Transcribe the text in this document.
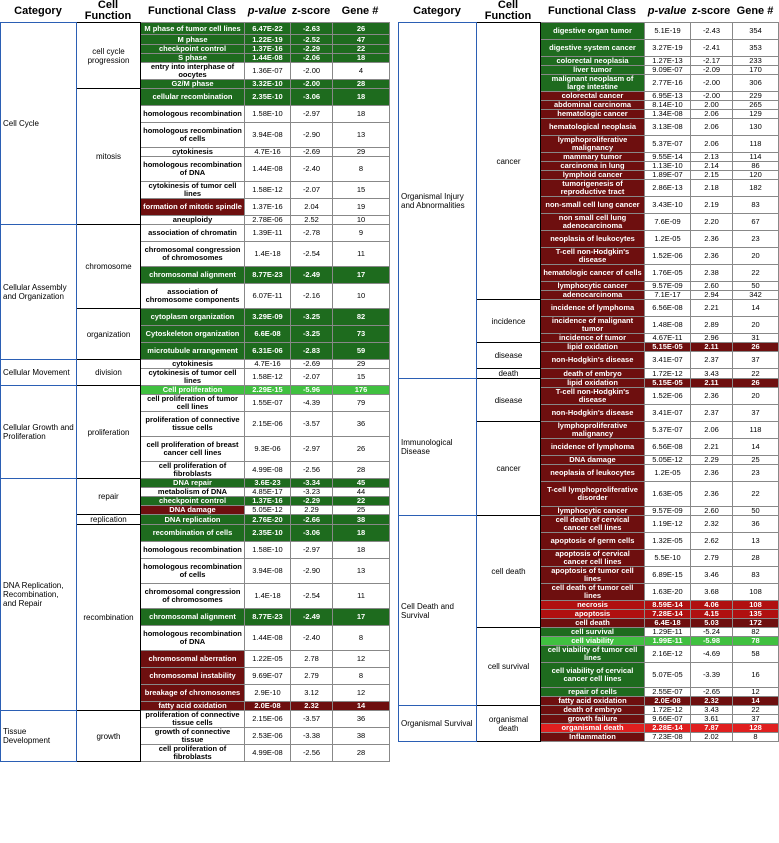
Category	Cell Function	Functional Class	p-value z-score	Gene #
Cell Cycle	cell cycle progression	M phase of tumor cell lines	6.47E-22	-2.63	26
		M phase	1.22E-19	-2.52	47
		checkpoint control	1.37E-16	-2.29	22
		S phase	1.44E-08	-2.06	18
		entry into interphase of oocytes	1.36E-07	-2.00	4
		G2/M phase	3.32E-10	-2.00	28
	mitosis	cellular recombination	2.35E-10	-3.06	18
		homologous recombination	1.58E-10	-2.97	18
		homologous recombination of cells	3.94E-08	-2.90	13
		cytokinesis	4.7E-16	-2.69	29
		homologous recombination of DNA	1.44E-08	-2.40	8
		cytokinesis of tumor cell lines	1.58E-12	-2.07	15
		formation of mitotic spindle	1.37E-16	2.04	19
		aneuploidy	2.78E-06	2.52	10
Cellular Assembly and Organization	chromosome	association of chromatin	1.39E-11	-2.78	9
		chromosomal congression of chromosomes	1.4E-18	-2.54	11
		chromosomal alignment	8.77E-23	-2.49	17
		association of chromosome components	6.07E-11	-2.16	10
	organization	cytoplasm organization	3.29E-09	-3.25	82
		Cytoskeleton organization	6.6E-08	-3.25	73
		microtubule arrangement	6.31E-06	-2.83	59
Cellular Movement	division	cytokinesis	4.7E-16	-2.69	29
		cytokinesis of tumor cell lines	1.58E-12	-2.07	15
Cellular Growth and Proliferation	proliferation	Cell proliferation	2.29E-15	-5.96	176
		cell proliferation of tumor cell lines	1.55E-07	-4.39	79
		proliferation of connective tissue cells	2.15E-06	-3.57	36
		cell proliferation of breast cancer cell lines	9.3E-06	-2.97	26
		cell proliferation of fibroblasts	4.99E-08	-2.56	28
DNA Replication, Recombination, and Repair	repair	DNA repair	3.6E-23	-3.34	45
		metabolism of DNA	4.85E-17	-3.23	44
		checkpoint control	1.37E-16	-2.29	22
		DNA damage	5.05E-12	2.29	25
	replication	DNA replication	2.76E-20	-2.66	38
	recombination	recombination of cells	2.35E-10	-3.06	18
		homologous recombination	1.58E-10	-2.97	18
		homologous recombination of cells	3.94E-08	-2.90	13
		chromosomal congression of chromosomes	1.4E-18	-2.54	11
		chromosomal alignment	8.77E-23	-2.49	17
		homologous recombination of DNA	1.44E-08	-2.40	8
		chromosomal aberration	1.22E-05	2.78	12
		chromosomal instability	9.69E-07	2.79	8
		breakage of chromosomes	2.9E-10	3.12	12
		fatty acid oxidation	2.0E-08	2.32	14
Tissue Development	growth	proliferation of connective tissue cells	2.15E-06	-3.57	36
		growth of connective tissue	2.53E-06	-3.38	38
		cell proliferation of fibroblasts	4.99E-08	-2.56	28
Category	Cell Function	Functional Class	p-value z-score Gene #
Organismal Injury and Abnormalities	cancer	digestive organ tumor	5.1E-19	-2.43	354
		digestive system cancer	3.27E-19	-2.41	353
		colorectal neoplasia	1.27E-13	-2.17	233
		liver tumor	9.09E-07	-2.09	170
		malignant neoplasm of large intestine	2.77E-16	-2.00	306
		colorectal cancer	6.95E-13	-2.00	229
		abdominal carcinoma	8.14E-10	2.00	265
		hematologic cancer	1.34E-08	2.06	129
		hematological neoplasia	3.13E-08	2.06	130
		lymphoproliferative malignancy	5.37E-07	2.06	118
		mammary tumor	9.55E-14	2.13	114
		carcinoma in lung	1.13E-10	2.14	86
		lymphoid cancer	1.89E-07	2.15	120
		tumorigenesis of reproductive tract	2.86E-13	2.18	182
		non-small cell lung cancer	3.43E-10	2.19	83
		non small cell lung adenocarcinoma	7.6E-09	2.20	67
		neoplasia of leukocytes	1.2E-05	2.36	23
		T-cell non-Hodgkin's disease	1.52E-06	2.36	20
		hematologic cancer of cells	1.76E-05	2.38	22
		lymphocytic cancer	9.57E-09	2.60	50
		adenocarcinoma	7.1E-17	2.94	342
	incidence	incidence of lymphoma	6.56E-08	2.21	14
		incidence of malignant tumor	1.48E-08	2.89	20
		incidence of tumor	4.67E-11	2.96	31
	disease	lipid oxidation	5.15E-05	2.11	26
		non-Hodgkin's disease	3.41E-07	2.37	37
	death	death of embryo	1.72E-12	3.43	22
Immunological Disease	disease	lipid oxidation	5.15E-05	2.11	26
		T-cell non-Hodgkin's disease	1.52E-06	2.36	20
		non-Hodgkin's disease	3.41E-07	2.37	37
	cancer	lymphoproliferative malignancy	5.37E-07	2.06	118
		incidence of lymphoma	6.56E-08	2.21	14
		DNA damage	5.05E-12	2.29	25
		neoplasia of leukocytes	1.2E-05	2.36	23
		T-cell lymphoproliferative disorder	1.63E-05	2.36	22
		lymphocytic cancer	9.57E-09	2.60	50
Cell Death and Survival	cell death	cell death of cervical cancer cell lines	1.19E-12	2.32	36
		apoptosis of germ cells	1.32E-05	2.62	13
		apoptosis of cervical cancer cell lines	5.5E-10	2.79	28
		apoptosis of tumor cell lines	6.89E-15	3.46	83
		cell death of tumor cell lines	1.63E-20	3.68	108
		necrosis	8.59E-14	4.06	108
		apoptosis	7.28E-14	4.15	135
		cell death	6.4E-18	5.03	172
	cell survival	cell survival	1.29E-11	-5.24	82
		cell viability	1.99E-11	-5.98	78
		cell viability of tumor cell lines	2.16E-12	-4.69	58
		cell viability of cervical cancer cell lines	5.07E-05	-3.39	16
		repair of cells	2.55E-07	-2.65	12
		fatty acid oxidation	2.0E-08	2.32	14
Organismal Survival	organismal death	death of embryo	1.72E-12	3.43	22
		growth failure	9.66E-07	3.61	37
		organismal death	2.28E-14	7.87	128
		Inflammation	7.23E-08	2.02	8
